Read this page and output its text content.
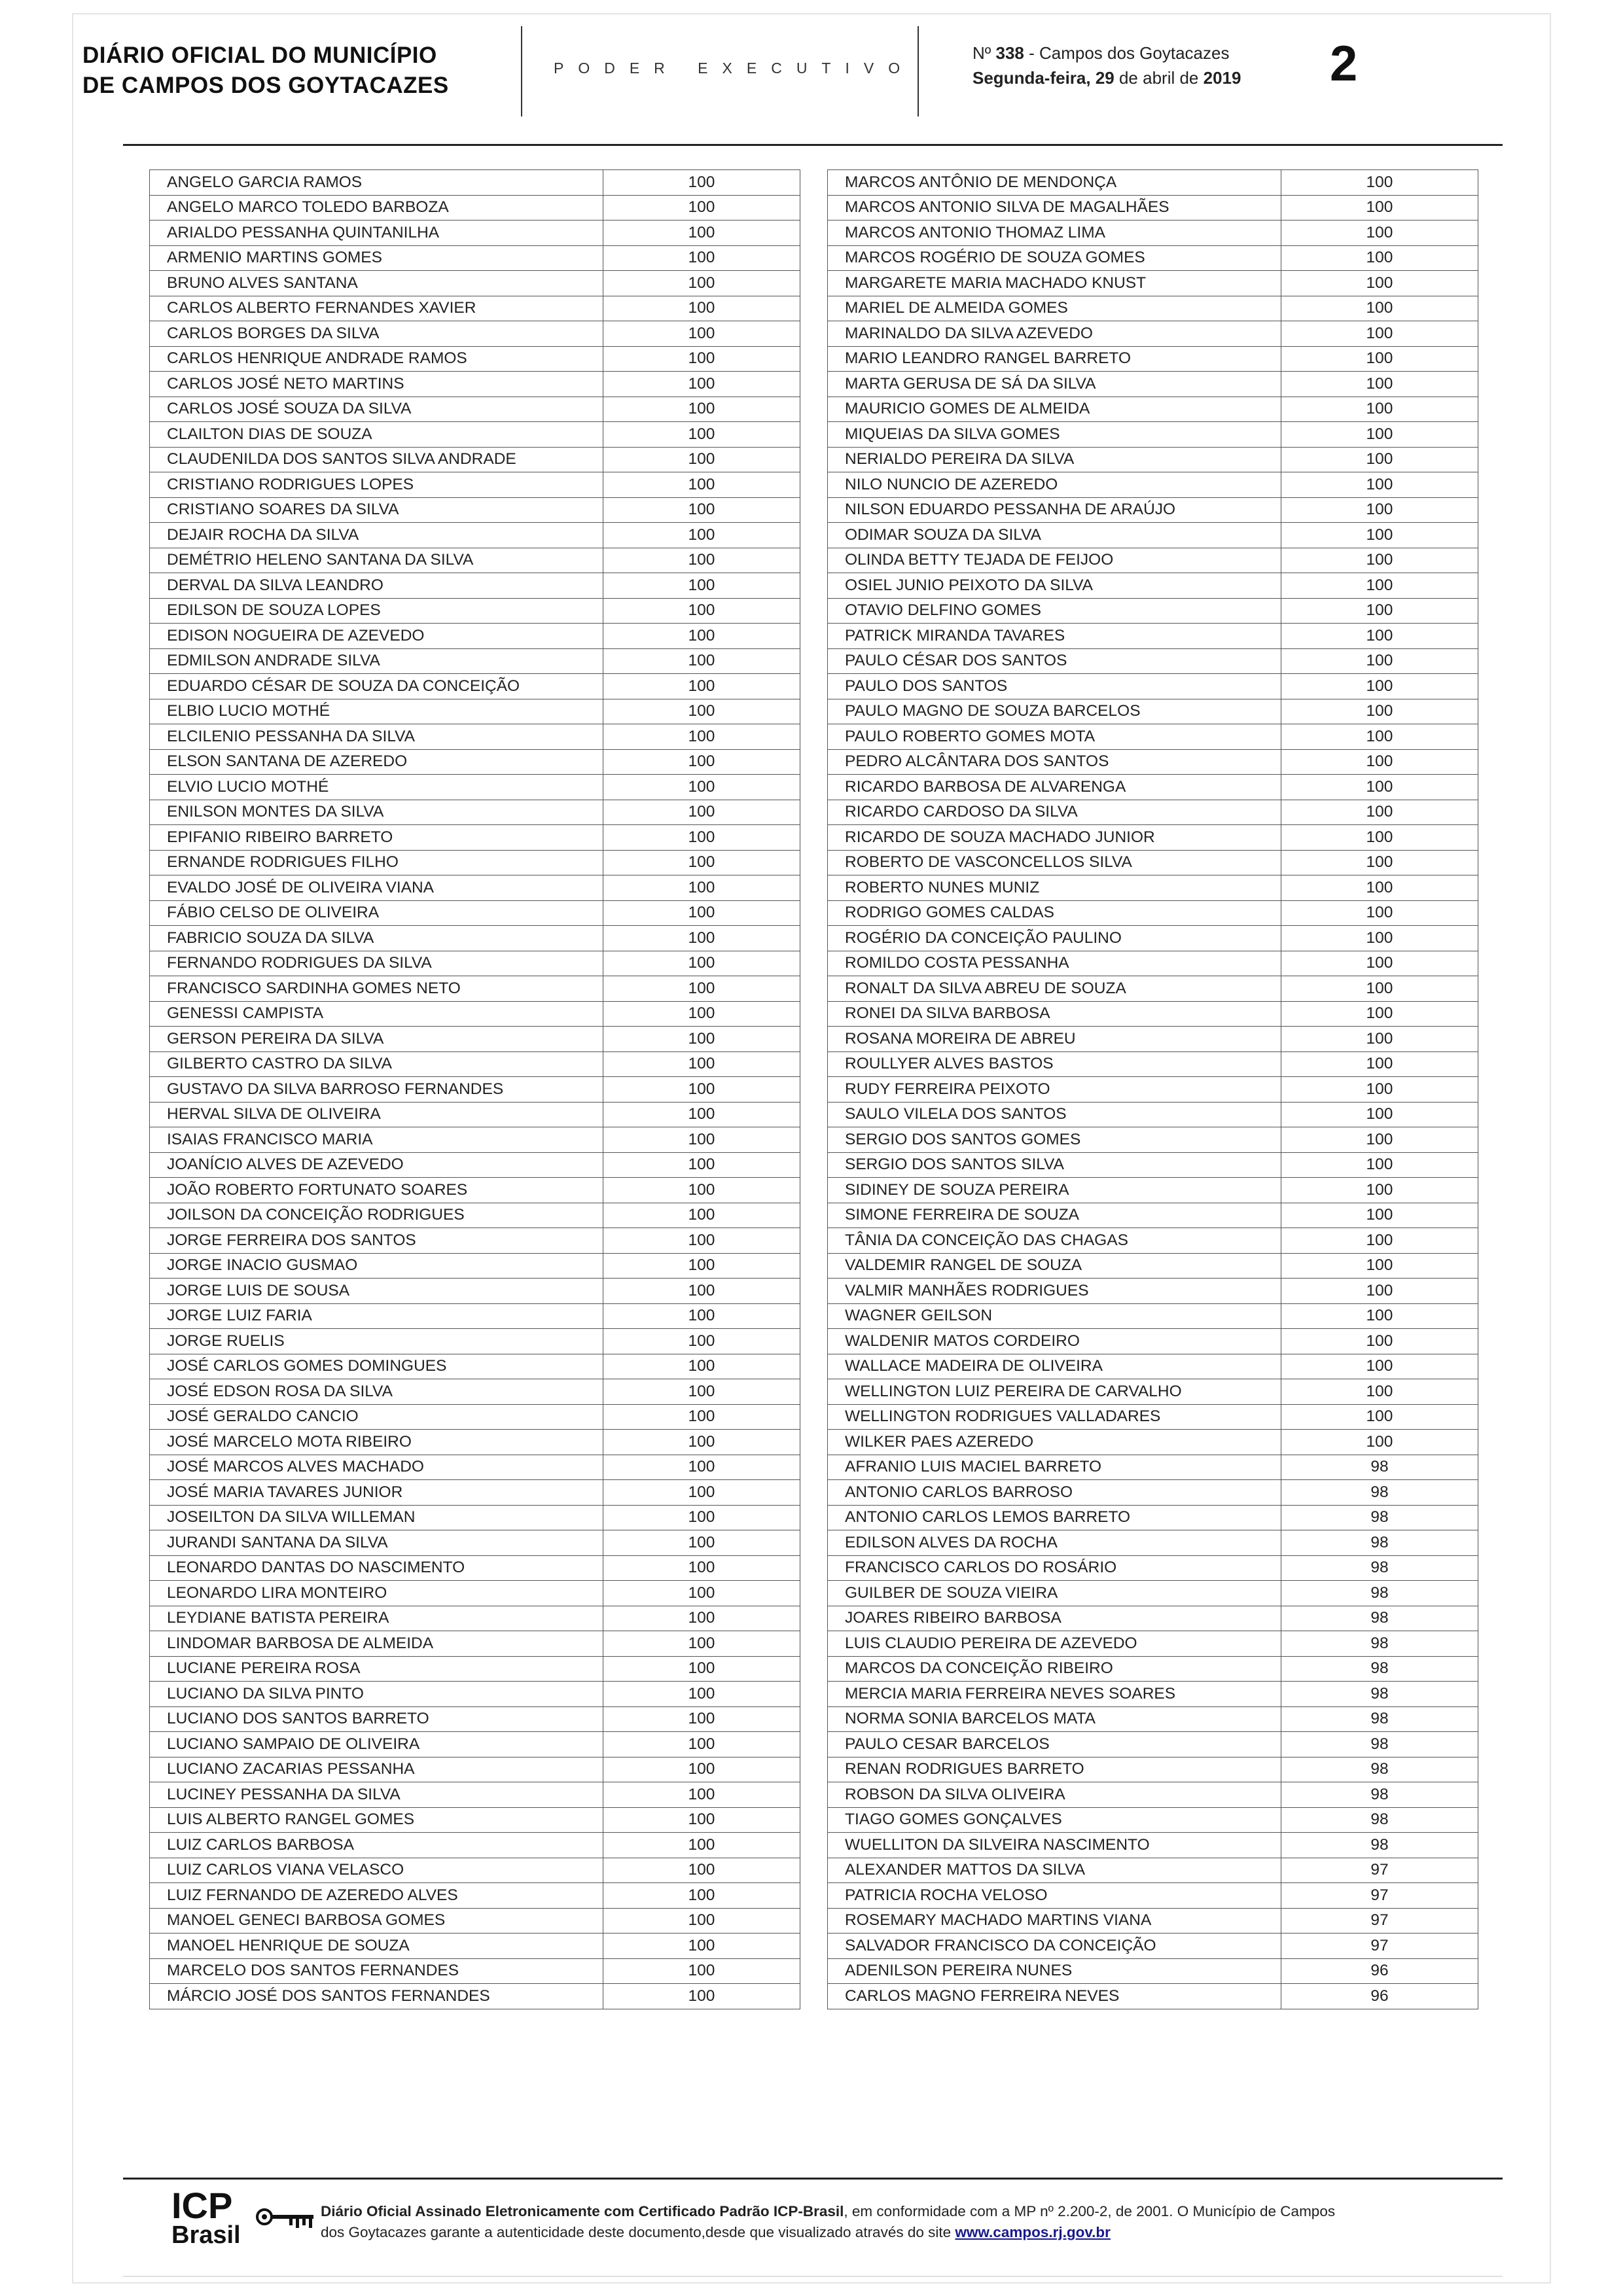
DIÁRIO OFICIAL DO MUNICÍPIO
DE CAMPOS DOS GOYTACAZES
PODER EXECUTIVO
Nº 338 - Campos dos Goytacazes
Segunda-feira, 29 de abril de 2019 2
ANGELO GARCIA RAMOS	100
ANGELO MARCO TOLEDO BARBOZA	100
ARIALDO PESSANHA QUINTANILHA	100
ARMENIO MARTINS GOMES	100
BRUNO ALVES SANTANA	100
CARLOS ALBERTO FERNANDES XAVIER	100
CARLOS BORGES DA SILVA	100
CARLOS HENRIQUE ANDRADE RAMOS	100
CARLOS JOSÉ NETO MARTINS	100
CARLOS JOSÉ SOUZA DA SILVA	100
CLAILTON DIAS DE SOUZA	100
CLAUDENILDA DOS SANTOS SILVA ANDRADE	100
CRISTIANO RODRIGUES LOPES	100
CRISTIANO SOARES DA SILVA	100
DEJAIR ROCHA DA SILVA	100
DEMÉTRIO HELENO SANTANA DA SILVA	100
DERVAL DA SILVA LEANDRO	100
EDILSON DE SOUZA LOPES	100
EDISON NOGUEIRA DE AZEVEDO	100
EDMILSON ANDRADE SILVA	100
EDUARDO CÉSAR DE SOUZA DA CONCEIÇÃO	100
ELBIO LUCIO MOTHÉ	100
ELCILENIO PESSANHA DA SILVA	100
ELSON SANTANA DE AZEREDO	100
ELVIO LUCIO MOTHÉ	100
ENILSON MONTES DA SILVA	100
EPIFANIO RIBEIRO BARRETO	100
ERNANDE RODRIGUES FILHO	100
EVALDO JOSÉ DE OLIVEIRA VIANA	100
FÁBIO CELSO DE OLIVEIRA	100
FABRICIO SOUZA DA SILVA	100
FERNANDO RODRIGUES DA SILVA	100
FRANCISCO SARDINHA GOMES NETO	100
GENESSI CAMPISTA	100
GERSON PEREIRA DA SILVA	100
GILBERTO CASTRO DA SILVA	100
GUSTAVO DA SILVA BARROSO FERNANDES	100
HERVAL SILVA DE OLIVEIRA	100
ISAIAS FRANCISCO MARIA	100
JOANÍCIO ALVES DE AZEVEDO	100
JOÃO ROBERTO FORTUNATO SOARES	100
JOILSON DA CONCEIÇÃO RODRIGUES	100
JORGE FERREIRA DOS SANTOS	100
JORGE INACIO GUSMAO	100
JORGE LUIS DE SOUSA	100
JORGE LUIZ FARIA	100
JORGE RUELIS	100
JOSÉ CARLOS GOMES DOMINGUES	100
JOSÉ EDSON ROSA DA SILVA	100
JOSÉ GERALDO CANCIO	100
JOSÉ MARCELO MOTA RIBEIRO	100
JOSÉ MARCOS ALVES MACHADO	100
JOSÉ MARIA TAVARES JUNIOR	100
JOSEILTON DA SILVA WILLEMAN	100
JURANDI SANTANA DA SILVA	100
LEONARDO DANTAS DO NASCIMENTO	100
LEONARDO LIRA MONTEIRO	100
LEYDIANE BATISTA PEREIRA	100
LINDOMAR BARBOSA DE ALMEIDA	100
LUCIANE PEREIRA ROSA	100
LUCIANO DA SILVA PINTO	100
LUCIANO DOS SANTOS BARRETO	100
LUCIANO SAMPAIO DE OLIVEIRA	100
LUCIANO ZACARIAS PESSANHA	100
LUCINEY PESSANHA DA SILVA	100
LUIS ALBERTO RANGEL GOMES	100
LUIZ CARLOS BARBOSA	100
LUIZ CARLOS VIANA VELASCO	100
LUIZ FERNANDO DE AZEREDO ALVES	100
MANOEL GENECI BARBOSA GOMES	100
MANOEL HENRIQUE DE SOUZA	100
MARCELO DOS SANTOS FERNANDES	100
MÁRCIO JOSÉ DOS SANTOS FERNANDES	100
MARCOS ANTÔNIO DE MENDONÇA	100
MARCOS ANTONIO SILVA DE MAGALHÃES	100
MARCOS ANTONIO THOMAZ LIMA	100
MARCOS ROGÉRIO DE SOUZA GOMES	100
MARGARETE MARIA MACHADO KNUST	100
MARIEL DE ALMEIDA GOMES	100
MARINALDO DA SILVA AZEVEDO	100
MARIO LEANDRO RANGEL BARRETO	100
MARTA GERUSA DE SÁ DA SILVA	100
MAURICIO GOMES DE ALMEIDA	100
MIQUEIAS DA SILVA GOMES	100
NERIALDO PEREIRA DA SILVA	100
NILO NUNCIO DE AZEREDO	100
NILSON EDUARDO PESSANHA DE ARAÚJO	100
ODIMAR SOUZA DA SILVA	100
OLINDA BETTY TEJADA DE FEIJOO	100
OSIEL JUNIO PEIXOTO DA SILVA	100
OTAVIO DELFINO GOMES	100
PATRICK MIRANDA TAVARES	100
PAULO CÉSAR DOS SANTOS	100
PAULO DOS SANTOS	100
PAULO MAGNO DE SOUZA BARCELOS	100
PAULO ROBERTO GOMES MOTA	100
PEDRO ALCÂNTARA DOS SANTOS	100
RICARDO BARBOSA DE ALVARENGA	100
RICARDO CARDOSO DA SILVA	100
RICARDO DE SOUZA MACHADO JUNIOR	100
ROBERTO DE VASCONCELLOS SILVA	100
ROBERTO NUNES MUNIZ	100
RODRIGO GOMES CALDAS	100
ROGÉRIO DA CONCEIÇÃO PAULINO	100
ROMILDO COSTA PESSANHA	100
RONALT DA SILVA ABREU DE SOUZA	100
RONEI DA SILVA BARBOSA	100
ROSANA MOREIRA DE ABREU	100
ROULLYER ALVES BASTOS	100
RUDY FERREIRA PEIXOTO	100
SAULO VILELA DOS SANTOS	100
SERGIO DOS SANTOS GOMES	100
SERGIO DOS SANTOS SILVA	100
SIDINEY DE SOUZA PEREIRA	100
SIMONE FERREIRA DE SOUZA	100
TÂNIA DA CONCEIÇÃO DAS CHAGAS	100
VALDEMIR RANGEL DE SOUZA	100
VALMIR MANHÃES RODRIGUES	100
WAGNER GEILSON	100
WALDENIR MATOS CORDEIRO	100
WALLACE MADEIRA DE OLIVEIRA	100
WELLINGTON LUIZ PEREIRA DE CARVALHO	100
WELLINGTON RODRIGUES VALLADARES	100
WILKER PAES AZEREDO	100
AFRANIO LUIS MACIEL BARRETO	98
ANTONIO CARLOS BARROSO	98
ANTONIO CARLOS LEMOS BARRETO	98
EDILSON ALVES DA ROCHA	98
FRANCISCO CARLOS DO ROSÁRIO	98
GUILBER DE SOUZA VIEIRA	98
JOARES RIBEIRO BARBOSA	98
LUIS CLAUDIO PEREIRA DE AZEVEDO	98
MARCOS DA CONCEIÇÃO RIBEIRO	98
MERCIA MARIA FERREIRA NEVES SOARES	98
NORMA SONIA BARCELOS MATA	98
PAULO CESAR BARCELOS	98
RENAN RODRIGUES BARRETO	98
ROBSON DA SILVA OLIVEIRA	98
TIAGO GOMES GONÇALVES	98
WUELLITON DA SILVEIRA NASCIMENTO	98
ALEXANDER MATTOS DA SILVA	97
PATRICIA ROCHA VELOSO	97
ROSEMARY MACHADO MARTINS VIANA	97
SALVADOR FRANCISCO DA CONCEIÇÃO	97
ADENILSON PEREIRA NUNES	96
CARLOS MAGNO FERREIRA NEVES	96
ICP
Brasil
Diário Oficial Assinado Eletronicamente com Certificado Padrão ICP-Brasil, em conformidade com a MP nº 2.200-2, de 2001. O Município de Campos dos Goytacazes garante a autenticidade deste documento,desde que visualizado através do site www.campos.rj.gov.br
